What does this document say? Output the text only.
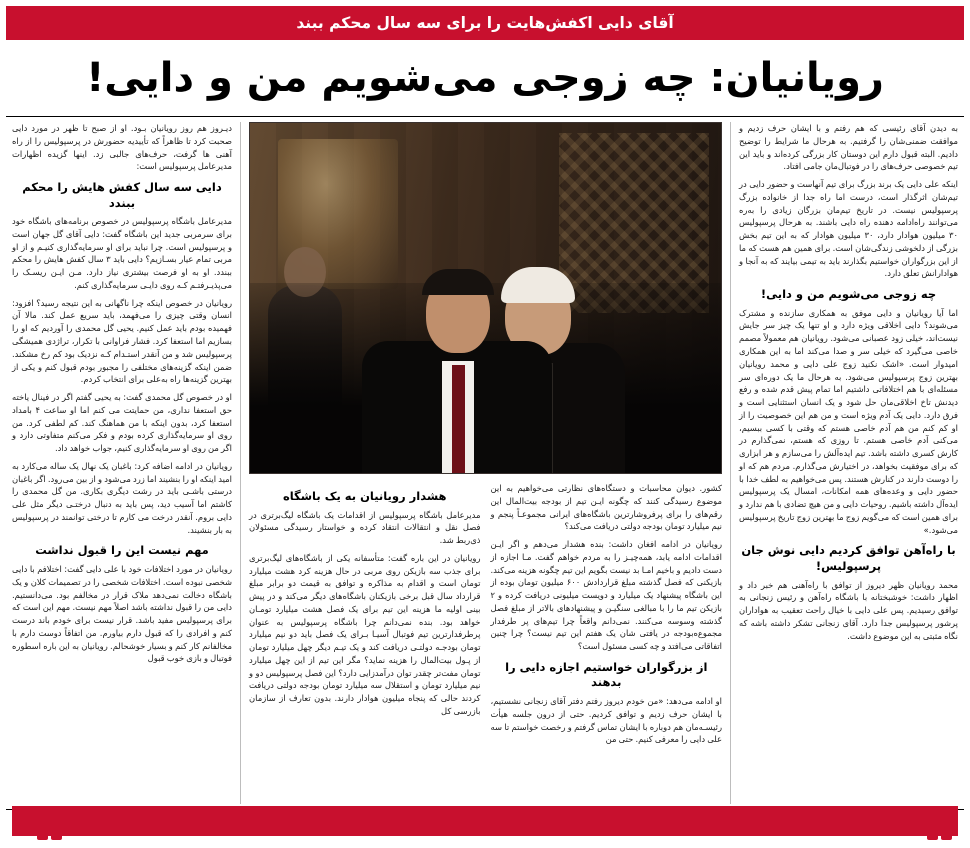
آقای دایی‌ ا‌کفش‌هایت را برای سه سال محکم ببند
رویانیان: چه زوجی می‌شویم من و دایی!

به دیدن آقای رئیسی که هم رفتم و با ایشان حرف زدیم و موافقت ضمنی‌شان را گرفتیم. به هرحال ما شرایط را توضیح دادیم. البته قبول دارم این دوستان کار بزرگی کرده‌اند و باید این تیم خصوصی حرف‌های را در فوتبال‌مان جامی افتاد.

اینکه علی دایی یک برند بزرگ برای تیم آنهاست و حضور دایی در تیم‌شان اثرگذار است، درست اما راه جدا از خانواده بزرگ پرسپولیس نیست. در تاریخ تیم‌مان بزرگان زیادی را به‌ره می‌توانند راه‌ادامه دهنده راه دایی باشند. به هرحال پرسپولیس ۳۰ میلیون هوادار دارد، ۳۰ میلیون هوادار که به این تیم بخش بزرگی از دلخوشی زندگی‌شان است. برای همین هم هست که ما از این بزرگواران خواستیم بگذارند باید به تیمی بیایند که به آنجا و هوادارانش تعلق دارد.

چه زوجی می‌شویم من و دایی!

اما آیا رویانیان و دایی موفق به همکاری سازنده و مشترک می‌شوند؟ دایی اخلاقی ویژه دارد و او تنها یک چیز سر جایش نیست‌اند، خیلی زود عصبانی می‌شود. رویانیان هم معمولاً مصمم خاصی می‌گیرد که خیلی سر و صدا می‌کند اما به این همکاری امیدوار است. «اشک نکنید زوج علی دایی و محمد رویانیان بهترین زوج پرسپولیس می‌شود. به هرحال ما یک دوره‌ای سر مسئله‌ای با هم اختلافاتی داشتیم اما تمام پیش قدم شده و رفع دیدنش تاخ اخلاقی‌مان حل شود و یک انسان استثنایی است و فرق دارد. دایی یک آدم ویژه است و من هم این خصوصیت را از او کم کنم من هم آدم خاصی هستم که وقتی با کسی ببسیم، می‌کنی آدم خاصی هستم. تا روزی که هستم، نمی‌گذارم در کارش کسری داشته باشد. تیم ایده‌آلش را می‌سازم و هر ابزاری که برای موفقیت بخواهد، در اختیارش می‌گذارم. مردم هم که او را دوست دارند در کنارش هستند. پس می‌خواهیم به لطف خدا با حضور دایی و وعده‌های همه امکانات، امسال یک پرسپولیس ایده‌آل داشته باشیم. روحیات دایی و من هیچ تضادی با هم ندارد و برای همین است که می‌گویم زوج ما بهترین زوج تاریخ پرسپولیس می‌شود.»

با راه‌آهن توافق کردیم دایی نوش جان پرسپولیس!

محمد رویانیان ظهر دیروز از توافق با راه‌آهنی هم خبر داد و اظهار داشت: خوشبختانه با باشگاه راه‌آهن و رئیس زنجانی به توافق رسیدیم. پس علی دایی با خیال راحت تعقیب به هواداران پرشور پرسپولیس جدا دارد. آقای زنجانی تشکر داشته باشه که نگاه مثبتی به این موضوع داشت.

کشور. دیوان محاسبات و دستگاه‌های نظارتی می‌خواهیم به این موضوع رسیدگی کنند که چگونه ایـن تیم از بودجه بیت‌المال این رقم‌های را برای پرفروشارترین باشگاه‌های ایرانی مجموعـاً پنجم و نیم میلیارد تومان بودجه دولتی دریافت می‌کند؟

رویانیان در ادامه افغان داشت: بنده هشدار می‌دهم و اگر ایـن اقدامات ادامه یابد، همه‌چیـز را به مردم خواهم گفت. مـا اجازه از دست دادیم و باخیم امـا بد نیست بگویم این تیم چگونه هزینه می‌کند. بازیکنی که فصل گذشته مبلغ قرارداد‌ش ۶۰۰ میلیون تومان بوده از این باشگاه پیشنهاد یک میلیارد و دویست میلیونی دریافت کرده و ۲ بازیکن تیم ما را با مبالغی سنگیـن و پیشنهادهای بالاتر از مبلغ فصل گذشته و‌سوسه می‌کنند. نمی‌دانم واقعاً چرا تیم‌های پر طرفدار مجموع‌ه‌بودجه در یافتی شان یک هفتم این تیم نیست؟ چرا چنین اتفاقاتی می‌افتد و چه کسی مسئول است؟

از بزرگواران خواستیم اجازه دایی را بدهند

او ادامه می‌دهد: «من خودم دیروز رفتم دفتر آقای زنجانی نشستیم، با ایشان حرف زدیم و توافق کردیم. حتی از درون جلسه هیأت رئیسـه‌مان هم دوباره با ایشان تماس گرفتم و رخصت خواستم تا سه علی دایی را معرفی کنیم. حتی من

هشدار رویانیان به یک باشگاه

مدیرعامل باشگاه پرسپولیس از اقدامات یک باشگاه لیگ‌برتری در فصل نقل و انتقالات انتقاد کرده و خواستار رسیدگی مسئولان ذی‌ربط شد.

رویانیان در این باره گفت: متأسفانه یکی از باشگاه‌های لیگ‌برتری برای جذب سه بازیکن روی مربی در حال هزینه کرد هشت میلیارد تومان است و اقدام به مذاکره و توافق به قیمت دو برابر مبلغ قرارداد سال قبل برخی بازیکنان باشگاه‌های دیگر می‌کند و در پیش بینی اولیه ما هزینه این تیم برای یک فصل هشت میلیارد تومـان خواهد بود. بنده نمی‌دانم چرا باشگاه پرسپولیس به عنوان پرطرفدارترین تیم فوتبال آسیـا بـرای یک فصل باید دو نیم میلیارد تومان بودجـه دولتـی دریافت کند و یک تیـم دیگر چهل میلیارد تومان از پـول بیت‌المال را هزینه نماید؟ مگر این تیم از این چهل میلیارد تومان مفت‌تر چقدر توان درآمدزایی دارد؟ این فصل پرسپولیس دو و نیم میلیارد تومان و استقلال سه میلیارد تومان بودجه دولتی دریافت کردند حالی که پنجاه میلیون هوادار دارند. بدون تعارف از سازمان بازرسی کل

دیـروز هم روز رویانیان بـود. او از صبح تا ظهر در مورد دایی صحبت کرد تا ظاهراً که تأییدیه حضورش در پرسپولیس را از راه آهنی ها گرفت، حرف‌های جالبی زد. اینها گزیده اظهارات مدیرعامل پرسپولیس است:

دایی سه سال کفش هایش را محکم ببندد

مدیرعامل باشگاه پرسپولیس در خصوص برنامه‌های باشگاه خود برای سرمربی جدید این باشگاه گفت: دایی آقای گل جهان است و پرسپولیس است. چرا نباید برای او سرمایه‌گذاری کنیـم و از او مربی تمام عیار بسـازیم؟ دایی باید ۳ سال کفش هایش را محکم ببندد. او به او فرصت بیشتری نیاز دارد. مـن ایـن ریسـک را می‌پذیـرفتـم کـه روی دایـی سرمایه‌گذاری کنم.

رویانیان در خصوص اینکه چرا ناگهانی به این نتیجه رسید؟ افزود: انسان وقتی چیزی را می‌فهمد، باید سریع عمل کند. مالا آن فهمیده بودم باید عمل کنیم. یحیی گل محمدی را آوردیم که او را بسازیم اما استعفا کرد. فشار فراوانی با تکرار، تراژدی همیشگی پرسپولیس شد و من آنقدر استـدام کـه نزدیک بود کم رخ مشکند. ضمن اینکه گزینه‌های مختلفی را مجبور بودم قبول کنم و یکی از بهترین گزینه‌ها راه به‌علی برای انتخاب کردم.

او در خصوص گل محمدی گفت: به یحیی گفتم اگر در فینال یاخته حق استعفا نداری، من حمایتت می کنم اما او ساعت ۴ بامداد استعفا کرد، بدون اینکه با من هماهنگ کند. کم لطفی کرد. من روی او سرمایه‌گذاری کرده بودم و فکر می‌کنم متفاوتی دارد و اگر من روی او سرمایه‌گذاری کنیم، جواب خواهد داد.

رویانیان در ادامه اضافه کرد: باغبان یک نهال یک ساله می‌کارد به امید اینکه او را بنشیند اما زرد می‌شود و از بین می‌رود. اگر باغبان درستی باشـی باید در رشت دیگری بکاری. من گل محمدی را کاشتم اما آسیب دید، پس باید به دنبال درختـی دیگر مثل علی دایی بروم. آنقدر درخت می کارم تا درختی توانمند در پرسپولیس به بار بنشیند.

مهم نیست این را قبول نداشت

رویانیان در مورد اختلافات خود با علی دایی گفت: اختلافم با دایی شخصی نبوده است. اختلافات شخصی را در تصمیمات کلان و یک باشگاه دخالت نمی‌دهد ملاک قرار در مخالفم بود. می‌دانستیم. دایی من را قبول نداشته باشد اصلاً مهم نیست. مهم این است که برای پرسپولیس مفید باشد. قرار نیست برای خودم باند درست کنم و افرادی را که قبول دارم بیاورم. من اتفاقاً دوست دارم با مخالفانم کار کنم و بسیار خوشحالم. رویانیان به این باره اسطوره فوتبال و بازی خوب قبول
